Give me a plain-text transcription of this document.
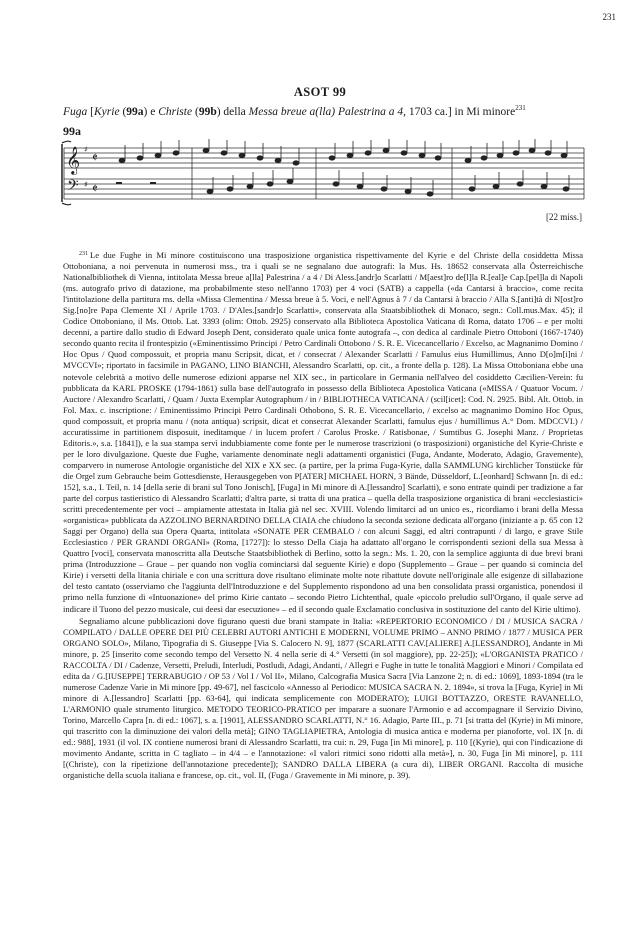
231
ASOT 99
Fuga [Kyrie (99a) e Christe (99b) della Messa breue a(lla) Palestrina a 4, 1703 ca.] in Mi minore$^{231}$
99a
𝄞
𝄢
♯
♯
𝄵
𝄵
[22 miss.]

$^{231}$ Le due Fughe in Mi minore costituiscono una trasposizione organistica rispettivamente del Kyrie e del Christe della cosiddetta Missa Ottoboniana, a noi pervenuta in numerosi mss., tra i quali se ne segnalano due autografi: la Mus. Hs. 18652 conservata alla Österreichische Nationalbibliothek di Vienna, intitolata Messa breue a[lla] Palestrina / a 4 / Di Aless.[andr]o Scarlatti / M[aest]ro de[l]la R.[eal]e Cap.[pel]la di Napoli (ms. autografo privo di datazione, ma probabilmente steso nell'anno 1703) per 4 voci (SATB) a cappella («da Cantarsi à braccio», come recita l'intitolazione della partitura ms. della «Missa Clementina / Messa breue à 5. Voci, e nell'Agnus à 7 / da Cantarsi à braccio / Alla S.[anti]tà di N[ost]ro Sig.[no]re Papa Clemente XI / Aprile 1703. / D'Ales.[sandr]o Scarlatti», conservata alla Staatsbibliothek di Monaco, segn.: Coll.mus.Max. 45); il Codice Ottoboniano, il Ms. Ottob. Lat. 3393 (olim: Ottob. 2925) conservato alla Biblioteca Apostolica Vaticana di Roma, datato 1706 – e per molti decenni, a partire dallo studio di Edward Joseph Dent, considerato quale unica fonte autografa –, con dedica al cardinale Pietro Ottoboni (1667-1740) secondo quanto recita il frontespizio («Eminentissimo Principi / Petro Cardinali Ottobono / S. R. E. Vicecancellario / Excelso, ac Magnanimo Domino / Hoc Opus / Quod compossuit, et propria manu Scripsit, dicat, et / consecrat / Alexander Scarlatti / Famulus eius Humillimus, Anno D[o]m[i]ni / MVCCVI»; riportato in facsimile in PAGANO, LINO BIANCHI, Alessandro Scarlatti, op. cit., a fronte della p. 128). La Missa Ottoboniana ebbe una notevole celebrità a motivo delle numerose edizioni apparse nel XIX sec., in particolare in Germania nell'alveo del cosiddetto Cæcilien-Verein: fu pubblicata da KARL PROSKE (1794-1861) sulla base dell'autografo in possesso della Biblioteca Apostolica Vaticana («MISSA / Quatuor Vocum. / Auctore / Alexandro Scarlatti, / Quam / Juxta Exemplar Autographum / in / BIBLIOTHECA VATICANA / (scil[icet]: Cod. N. 2925. Bibl. Alt. Ottob. in Fol. Max. c. inscriptione: / Eminentissimo Principi Petro Cardinali Othobono, S. R. E. Vicecancellario, / excelso ac magnanimo Domino Hoc Opus, quod compossuit, et propria manu / (nota antiqua) scripsit, dicat et consecrat Alexander Scarlatti, famulus ejus / humillimus A.° Dom. MDCCVI.) / accuratissime in partitionem disposuit, ineditamque / in lucem profert / Carolus Proske. / Ratisbonae, / Sumtibus G. Josephi Manz. / Proprietas Editoris.», s.a. [1841]), e la sua stampa servì indubbiamente come fonte per le numerose trascrizioni (o trasposizioni) organistiche del Kyrie-Christe e per le loro divulgazione. Queste due Fughe, variamente denominate negli adattamenti organistici (Fuga, Andante, Moderato, Adagio, Gravemente), comparvero in numerose Antologie organistiche del XIX e XX sec. (a partire, per la prima Fuga-Kyrie, dalla SAMMLUNG kirchlicher Tonstücke für die Orgel zum Gebrauche beim Gottesdienste, Herausgegeben von P[ATER] MICHAEL HORN, 3 Bände, Düsseldorf, L.[eonhard] Schwann [n. di ed.: 152], s.a., I. Teil, n. 14 [della serie di brani sul Tono Jonisch], [Fuga] in Mi minore di A.[lessandro] Scarlatti), e sono entrate quindi per tradizione a far parte del corpus tastieristico di Alessandro Scarlatti; d'altra parte, si tratta di una pratica – quella della trasposizione organistica di brani «ecclesiastici» scritti precedentemente per voci – ampiamente attestata in Italia già nel sec. XVIII. Volendo limitarci ad un unico es., ricordiamo i brani della Messa «organistica» pubblicata da AZZOLINO BERNARDINO DELLA CIAIA che chiudono la seconda sezione dedicata all'organo (iniziante a p. 65 con 12 Saggi per Organo) della sua Opera Quarta, intitolata «SONATE PER CEMBALO / con alcuni Saggi, ed altri contrapunti / di largo, e grave Stile Ecclesiastico / PER GRANDI ORGANI» (Roma, [1727]): lo stesso Della Ciaja ha adattato all'organo le corrispondenti sezioni della sua Messa à Quattro [voci], conservata manoscritta alla Deutsche Staatsbibliothek di Berlino, sotto la segn.: Ms. 1. 20, con la semplice aggiunta di due brevi brani prima (Introduzzione – Graue – per quando non voglia cominciarsi dal seguente Kirie) e dopo (Supplemento – Graue – per quando si comincia del Kirie) i versetti della litania chiriale e con una scrittura dove risultano eliminate molte note ribattute dovute nell'originale alle esigenze di sillabazione del testo cantato (osserviamo che l'aggiunta dell'Introduzzione e del Supplemento rispondono ad una ben consolidata prassi organistica, ponendosi il primo nella funzione di «Intuonazione» del primo Kirie cantato – secondo Pietro Lichtenthal, quale «piccolo preludio sull'Organo, il quale serve ad indicare il Tuono del pezzo musicale, cui deesi dar esecuzione» – ed il secondo quale Exclamatio conclusiva in sostituzione del canto del Kirie ultimo).

Segnaliamo alcune pubblicazioni dove figurano questi due brani stampate in Italia: «REPERTORIO ECONOMICO / DI / MUSICA SACRA / COMPILATO / DALLE OPERE DEI PIÙ CELEBRI AUTORI ANTICHI E MODERNI, VOLUME PRIMO – ANNO PRIMO / 1877 / MUSICA PER ORGANO SOLO», Milano, Tipografia di S. Giuseppe [Via S. Calocero N. 9], 1877 (SCARLATTI CAV.[ALIERE] A.[LESSANDRO], Andante in Mi minore, p. 25 [inserito come secondo tempo del Versetto N. 4 nella serie di 4.° Versetti (in sol maggiore), pp. 22-25]); «L'ORGANISTA PRATICO / RACCOLTA / DI / Cadenze, Versetti, Preludi, Interludi, Postludi, Adagi, Andanti, / Allegri e Fughe in tutte le tonalità Maggiori e Minori / Compilata ed edita da / G.[IUSEPPE] TERRABUGIO / OP 53 / Vol I / Vol II», Milano, Calcografia Musica Sacra [Via Lanzone 2; n. di ed.: 1069], 1893-1894 (tra le numerose Cadenze Varie in Mi minore [pp. 49-67], nel fascicolo «Annesso al Periodico: MUSICA SACRA N. 2. 1894», si trova la [Fuga, Kyrie] in Mi minore di A.[lessandro] Scarlatti [pp. 63-64], qui indicata semplicemente con MODERATO); LUIGI BOTTAZZO, ORESTE RAVANELLO, L'ARMONIO quale strumento liturgico. METODO TEORICO-PRATICO per imparare a suonare l'Armonio e ad accompagnare il Servizio Divino, Torino, Marcello Capra [n. di ed.: 1067], s. a. [1901], ALESSANDRO SCARLATTI, N.° 16. Adagio, Parte III., p. 71 [si tratta del (Kyrie) in Mi minore, qui trascritto con la diminuzione dei valori della metà]; GINO TAGLIAPIETRA, Antologia di musica antica e moderna per pianoforte, vol. IX [n. di ed.: 988], 1931 (il vol. IX contiene numerosi brani di Alessandro Scarlatti, tra cui: n. 29, Fuga [in Mi minore], p. 110 [(Kyrie), qui con l'indicazione di movimento Andante, scritta in C tagliato – in 4/4 – e l'annotazione: «I valori ritmici sono ridotti alla metà»], n. 30, Fuga [in Mi minore], p. 111 [(Christe), con la ripetizione dell'annotazione precedente]); SANDRO DALLA LIBERA (a cura di), LIBER ORGANI. Raccolta di musiche organistiche della scuola italiana e francese, op. cit., vol. II, (Fuga / Gravemente in Mi minore, p. 39).
